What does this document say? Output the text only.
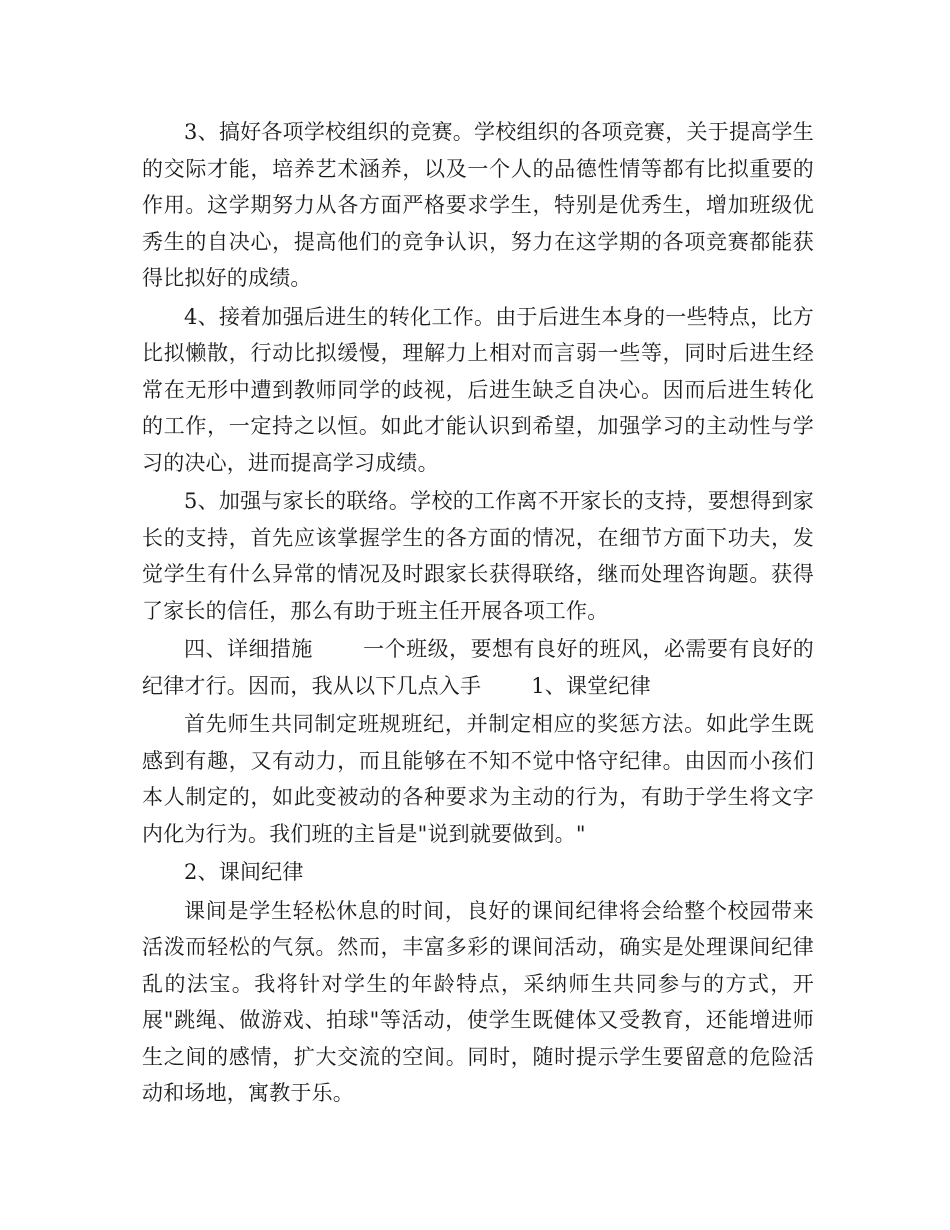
3、搞好各项学校组织的竞赛。学校组织的各项竞赛，关于提高学生的交际才能，培养艺术涵养，以及一个人的品德性情等都有比拟重要的作用。这学期努力从各方面严格要求学生，特别是优秀生，增加班级优秀生的自决心，提高他们的竞争认识，努力在这学期的各项竞赛都能获得比拟好的成绩。

4、接着加强后进生的转化工作。由于后进生本身的一些特点，比方比拟懒散，行动比拟缓慢，理解力上相对而言弱一些等，同时后进生经常在无形中遭到教师同学的歧视，后进生缺乏自决心。因而后进生转化的工作，一定持之以恒。如此才能认识到希望，加强学习的主动性与学习的决心，进而提高学习成绩。

5、加强与家长的联络。学校的工作离不开家长的支持，要想得到家长的支持，首先应该掌握学生的各方面的情况，在细节方面下功夫，发觉学生有什么异常的情况及时跟家长获得联络，继而处理咨询题。获得了家长的信任，那么有助于班主任开展各项工作。

四、详细措施 一个班级，要想有良好的班风，必需要有良好的纪律才行。因而，我从以下几点入手 1、课堂纪律

首先师生共同制定班规班纪，并制定相应的奖惩方法。如此学生既感到有趣，又有动力，而且能够在不知不觉中恪守纪律。由因而小孩们本人制定的，如此变被动的各种要求为主动的行为，有助于学生将文字内化为行为。我们班的主旨是"说到就要做到。"

2、课间纪律

课间是学生轻松休息的时间，良好的课间纪律将会给整个校园带来活泼而轻松的气氛。然而，丰富多彩的课间活动，确实是处理课间纪律乱的法宝。我将针对学生的年龄特点，采纳师生共同参与的方式，开展"跳绳、做游戏、拍球"等活动，使学生既健体又受教育，还能增进师生之间的感情，扩大交流的空间。同时，随时提示学生要留意的危险活动和场地，寓教于乐。
